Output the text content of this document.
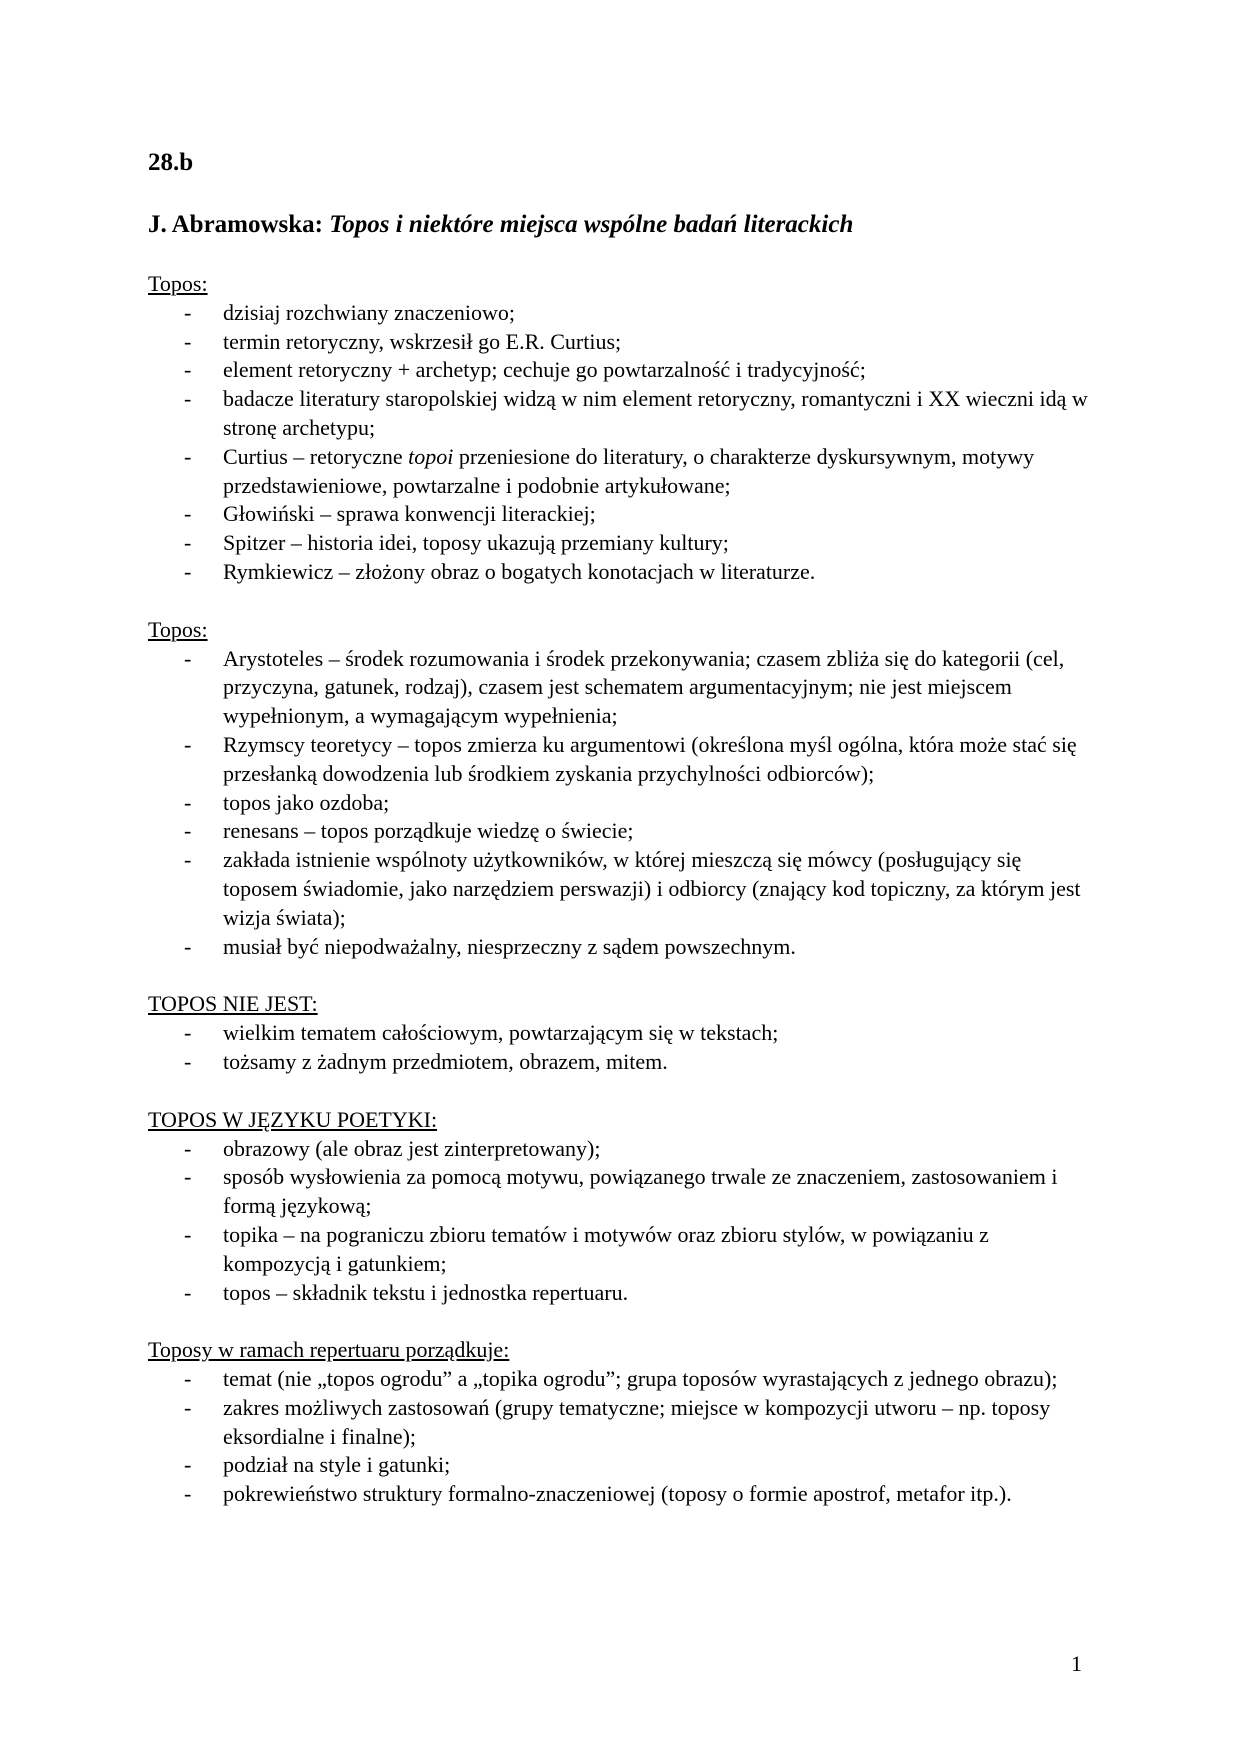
28.b
J. Abramowska: Topos i niektóre miejsca wspólne badań literackich
Topos:
- dzisiaj rozchwiany znaczeniowo;
- termin retoryczny, wskrzesił go E.R. Curtius;
- element retoryczny + archetyp; cechuje go powtarzalność i tradycyjność;
- badacze literatury staropolskiej widzą w nim element retoryczny, romantyczni i XX wieczni idą w stronę archetypu;
- Curtius – retoryczne topoi przeniesione do literatury, o charakterze dyskursywnym, motywy przedstawieniowe, powtarzalne i podobnie artykułowane;
- Głowiński – sprawa konwencji literackiej;
- Spitzer – historia idei, toposy ukazują przemiany kultury;
- Rymkiewicz – złożony obraz o bogatych konotacjach w literaturze.
Topos:
- Arystoteles – środek rozumowania i środek przekonywania; czasem zbliża się do kategorii (cel, przyczyna, gatunek, rodzaj), czasem jest schematem argumentacyjnym; nie jest miejscem wypełnionym, a wymagającym wypełnienia;
- Rzymscy teoretycy – topos zmierza ku argumentowi (określona myśl ogólna, która może stać się przesłanką dowodzenia lub środkiem zyskania przychylności odbiorców);
- topos jako ozdoba;
- renesans – topos porządkuje wiedzę o świecie;
- zakłada istnienie wspólnoty użytkowników, w której mieszczą się mówcy (posługujący się toposem świadomie, jako narzędziem perswazji) i odbiorcy (znający kod topiczny, za którym jest wizja świata);
- musiał być niepodważalny, niesprzeczny z sądem powszechnym.
TOPOS NIE JEST:
- wielkim tematem całościowym, powtarzającym się w tekstach;
- tożsamy z żadnym przedmiotem, obrazem, mitem.
TOPOS W JĘZYKU POETYKI:
- obrazowy (ale obraz jest zinterpretowany);
- sposób wysłowienia za pomocą motywu, powiązanego trwale ze znaczeniem, zastosowaniem i formą językową;
- topika – na pograniczu zbioru tematów i motywów oraz zbioru stylów, w powiązaniu z kompozycją i gatunkiem;
- topos – składnik tekstu i jednostka repertuaru.
Toposy w ramach repertuaru porządkuje:
- temat (nie „topos ogrodu” a „topika ogrodu”; grupa toposów wyrastających z jednego obrazu);
- zakres możliwych zastosowań (grupy tematyczne; miejsce w kompozycji utworu – np. toposy eksordialne i finalne);
- podział na style i gatunki;
- pokrewieństwo struktury formalno-znaczeniowej (toposy o formie apostrof, metafor itp.).
1
